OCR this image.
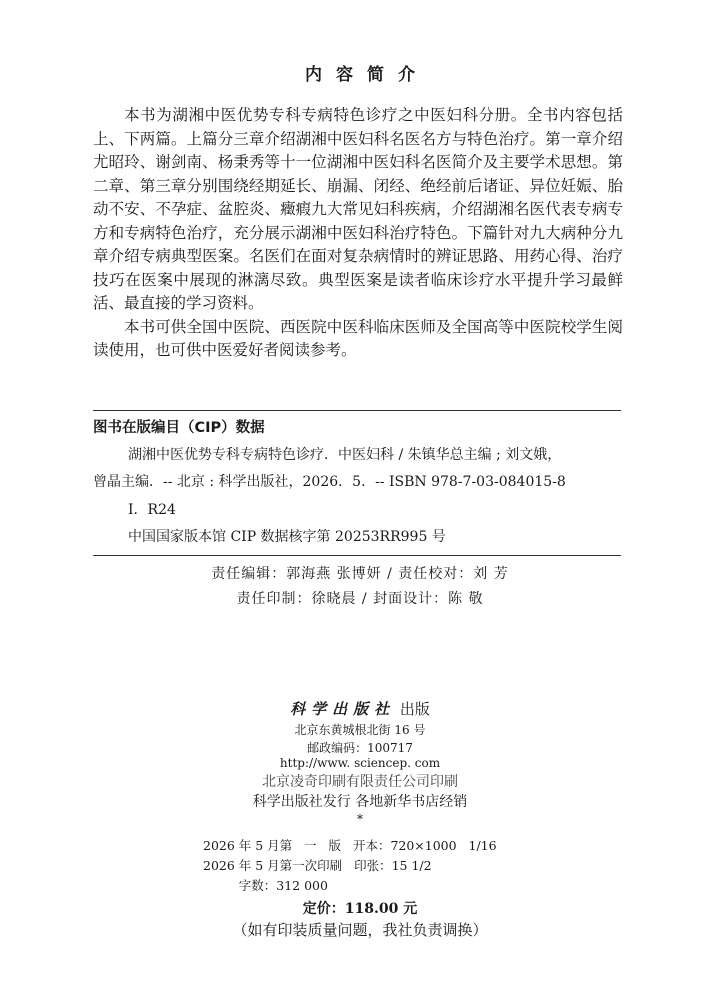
内容简介

本书为湖湘中医优势专科专病特色诊疗之中医妇科分册。全书内容包括上、下两篇。上篇分三章介绍湖湘中医妇科名医名方与特色治疗。第一章介绍尤昭玲、谢剑南、杨秉秀等十一位湖湘中医妇科名医简介及主要学术思想。第二章、第三章分别围绕经期延长、崩漏、闭经、绝经前后诸证、异位妊娠、胎动不安、不孕症、盆腔炎、癥瘕九大常见妇科疾病，介绍湖湘名医代表专病专方和专病特色治疗，充分展示湖湘中医妇科治疗特色。下篇针对九大病种分九章介绍专病典型医案。名医们在面对复杂病情时的辨证思路、用药心得、治疗技巧在医案中展现的淋漓尽致。典型医案是读者临床诊疗水平提升学习最鲜活、最直接的学习资料。

本书可供全国中医院、西医院中医科临床医师及全国高等中医院校学生阅读使用，也可供中医爱好者阅读参考。

图书在版编目（CIP）数据
湖湘中医优势专科专病特色诊疗．中医妇科 / 朱镇华总主编 ; 刘文娥，
曾晶主编．-- 北京 : 科学出版社，2026．5．-- ISBN 978-7-03-084015-8
Ⅰ．R24
中国国家版本馆 CIP 数据核字第 20253RR995 号
责任编辑：郭海燕 张博妍 / 责任校对：刘 芳
责任印制：徐晓晨 / 封面设计：陈 敬
科学出版社 出版
北京东黄城根北街 16 号
邮政编码：100717
http://www. sciencep. com
北京凌奇印刷有限责任公司印刷
科学出版社发行 各地新华书店经销
*
2026 年 5 月第   一   版   开本：720×1000   1/16
2026 年 5 月第一次印刷   印张：15 1/2
字数：312 000
定价：118.00 元
（如有印装质量问题，我社负责调换）
